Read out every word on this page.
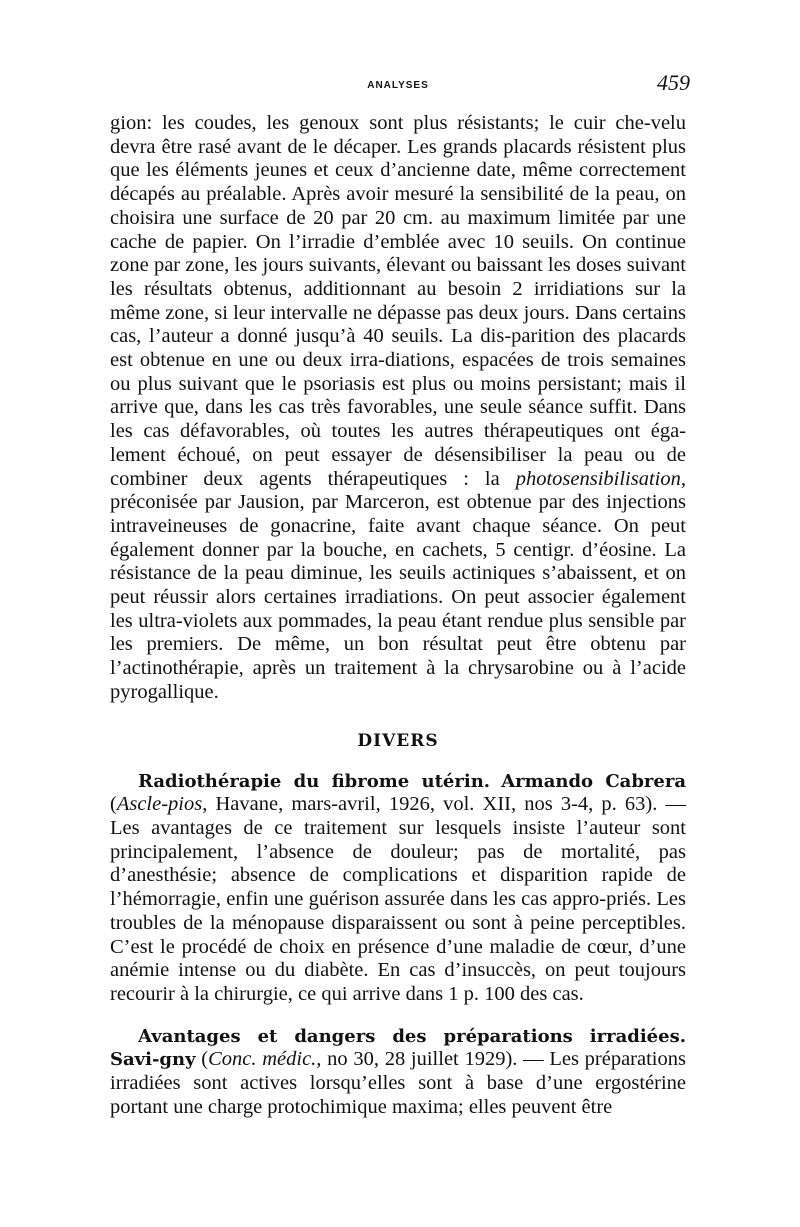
ANALYSES	459

gion: les coudes, les genoux sont plus résistants; le cuir che-velu devra être rasé avant de le décaper. Les grands placards résistent plus que les éléments jeunes et ceux d’ancienne date, même correctement décapés au préalable. Après avoir mesuré la sensibilité de la peau, on choisira une surface de 20 par 20 cm. au maximum limitée par une cache de papier. On l’irradie d’emblée avec 10 seuils. On continue zone par zone, les jours suivants, élevant ou baissant les doses suivant les résultats obtenus, additionnant au besoin 2 irridiations sur la même zone, si leur intervalle ne dépasse pas deux jours. Dans certains cas, l’auteur a donné jusqu’à 40 seuils. La dis-parition des placards est obtenue en une ou deux irra-diations, espacées de trois semaines ou plus suivant que le psoriasis est plus ou moins persistant; mais il arrive que, dans les cas très favorables, une seule séance suffit. Dans les cas défavorables, où toutes les autres thérapeutiques ont éga-lement échoué, on peut essayer de désensibiliser la peau ou de combiner deux agents thérapeutiques : la photosensibilisation, préconisée par Jausion, par Marceron, est obtenue par des injections intraveineuses de gonacrine, faite avant chaque séance. On peut également donner par la bouche, en cachets, 5 centigr. d’éosine. La résistance de la peau diminue, les seuils actiniques s’abaissent, et on peut réussir alors certaines irradiations. On peut associer également les ultra-violets aux pommades, la peau étant rendue plus sensible par les premiers. De même, un bon résultat peut être obtenu par l’actinothérapie, après un traitement à la chrysarobine ou à l’acide pyrogallique.

DIVERS

Radiothérapie du fibrome utérin. Armando Cabrera (Ascle-pios, Havane, mars-avril, 1926, vol. XII, nos 3-4, p. 63). — Les avantages de ce traitement sur lesquels insiste l’auteur sont principalement, l’absence de douleur; pas de mortalité, pas d’anesthésie; absence de complications et disparition rapide de l’hémorragie, enfin une guérison assurée dans les cas appro-priés. Les troubles de la ménopause disparaissent ou sont à peine perceptibles. C’est le procédé de choix en présence d’une maladie de cœur, d’une anémie intense ou du diabète. En cas d’insuccès, on peut toujours recourir à la chirurgie, ce qui arrive dans 1 p. 100 des cas.

Avantages et dangers des préparations irradiées. Savi-gny (Conc. médic., no 30, 28 juillet 1929). — Les préparations irradiées sont actives lorsqu’elles sont à base d’une ergostérine portant une charge protochimique maxima; elles peuvent être
